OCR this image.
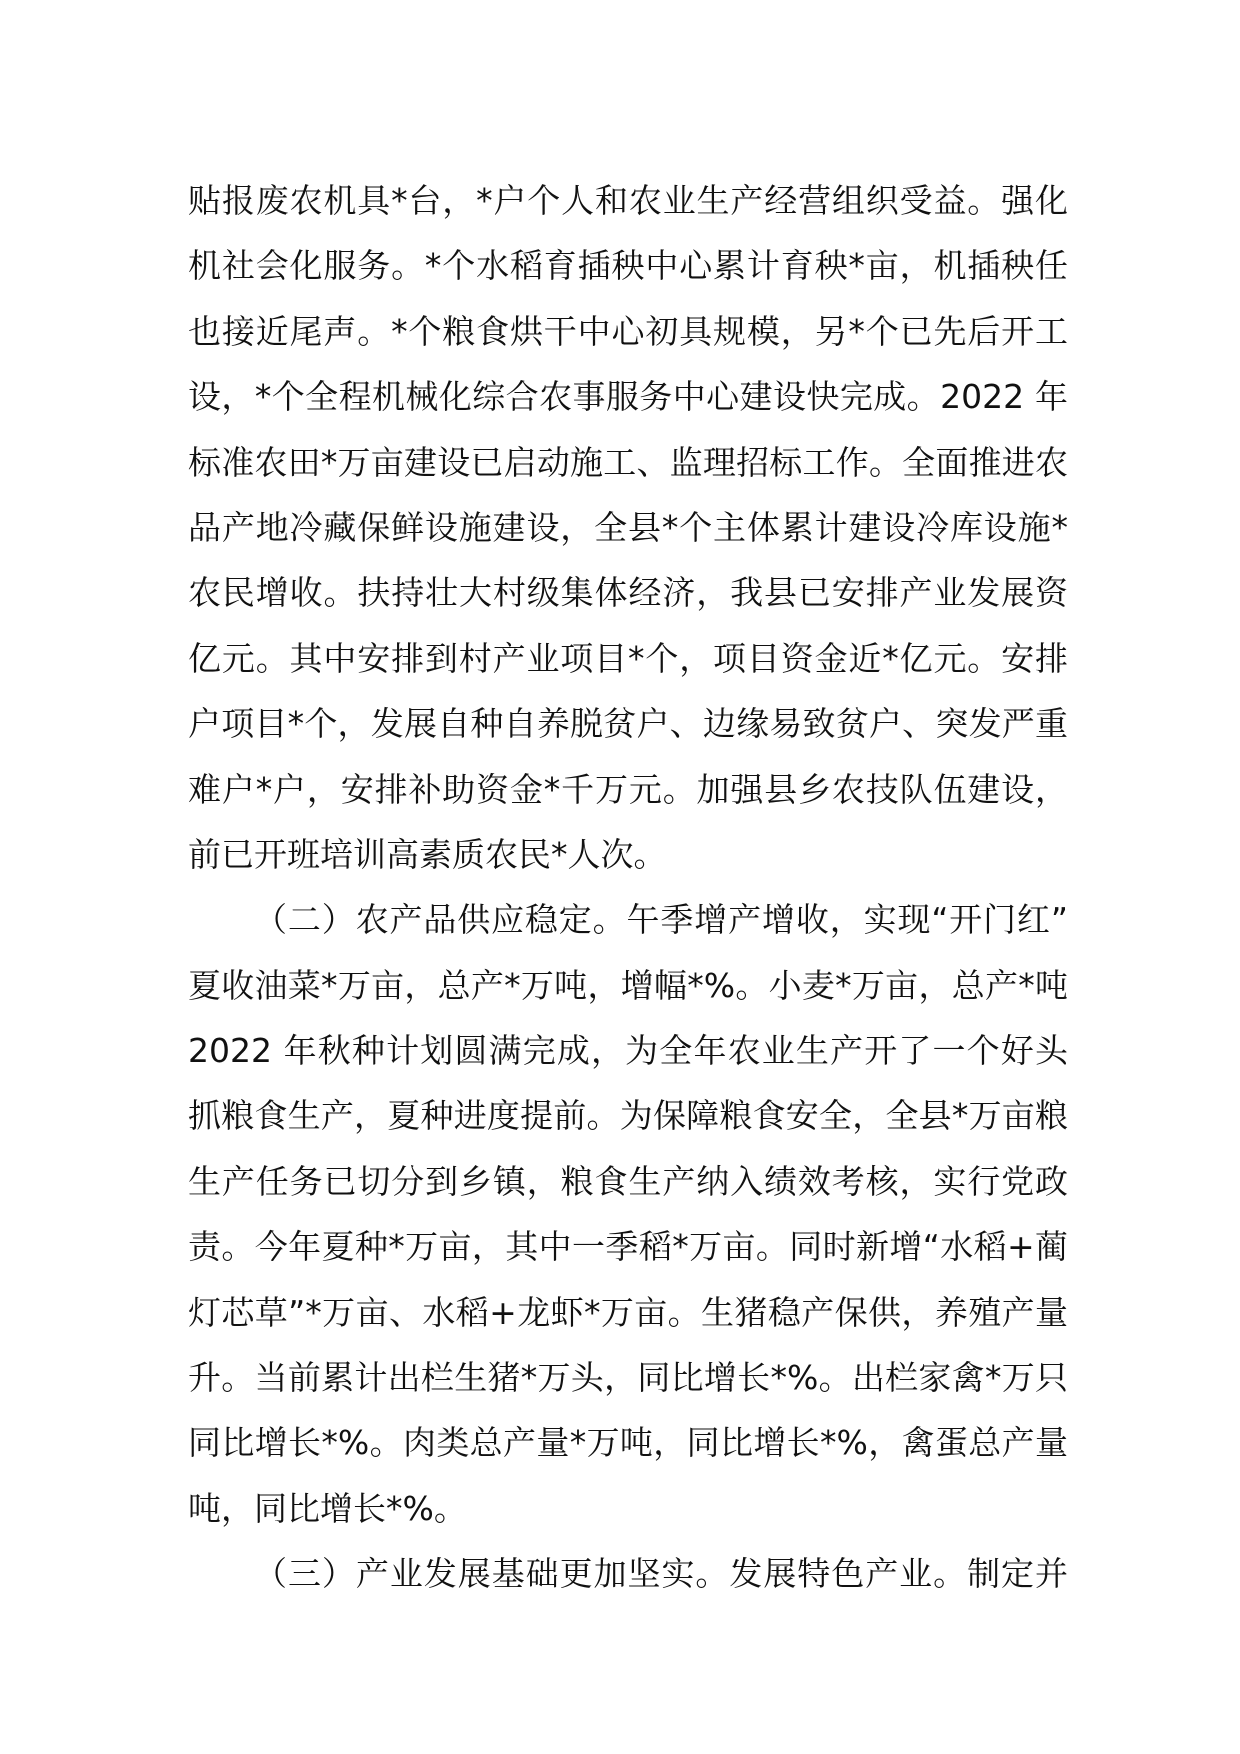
贴​报​废​农​机​具​*​台​，​*​户​个​人​和​农​业​生​产​经​营​组​织​受​益​。​强​化​
机​社​会​化​服​务​。​*​个​水​稻​育​插​秧​中​心​累​计​育​秧​*​亩​，​机​插​秧​任​
也​接​近​尾​声​。​*​个​粮​食​烘​干​中​心​初​具​规​模​，​另​*​个​已​先​后​开​工​
设​，​*​个​全​程​机​械​化​综​合​农​事​服​务​中​心​建​设​快​完​成​。​2​0​2​2​ ​年​
标​准​农​田​*​万​亩​建​设​已​启​动​施​工​、​监​理​招​标​工​作​。​全​面​推​进​农
品​产​地​冷​藏​保​鲜​设​施​建​设​，​全​县​*​个​主​体​累​计​建​设​冷​库​设​施​*​
农​民​增​收​。​扶​持​壮​大​村​级​集​体​经​济​，​我​县​已​安​排​产​业​发​展​资
亿​元​。​其​中​安​排​到​村​产​业​项​目​*​个​，​项​目​资​金​近​*​亿​元​。​安​排​
户​项​目​*​个​，​发​展​自​种​自​养​脱​贫​户​、​边​缘​易​致​贫​户​、​突​发​严​重
难​户​*​户​，​安​排​补​助​资​金​*​千​万​元​。​加​强​县​乡​农​技​队​伍​建​设​，​
前已开班培训高素质农民*人次。
（​二​）​农​产​品​供​应​稳​定​。​午​季​增​产​增​收​，​实​现​“​开​门​红​”
夏​收​油​菜​*​万​亩​，​总​产​*​万​吨​，​增​幅​*​%​。​小​麦​*​万​亩​，​总​产​*​吨​
2​0​2​2​ ​年​秋​种​计​划​圆​满​完​成​，​为​全​年​农​业​生​产​开​了​一​个​好​头​
抓​粮​食​生​产​，​夏​种​进​度​提​前​。​为​保​障​粮​食​安​全​，​全​县​*​万​亩​粮
生​产​任​务​已​切​分​到​乡​镇​，​粮​食​生​产​纳​入​绩​效​考​核​，​实​行​党​政
责​。​今​年​夏​种​*​万​亩​，​其​中​一​季​稻​*​万​亩​。​同​时​新​增​“​水​稻​+​蔺​
灯​芯​草​”​*​万​亩​、​水​稻​+​龙​虾​*​万​亩​。​生​猪​稳​产​保​供​，​养​殖​产​量​
升​。​当​前​累​计​出​栏​生​猪​*​万​头​，​同​比​增​长​*​%​。​出​栏​家​禽​*​万​只​
同​比​增​长​*​%​。​肉​类​总​产​量​*​万​吨​，​同​比​增​长​*​%​，​禽​蛋​总​产​量​
吨，同比增长*%。
（​三​）​产​业​发​展​基​础​更​加​坚​实​。​发​展​特​色​产​业​。​制​定​并
